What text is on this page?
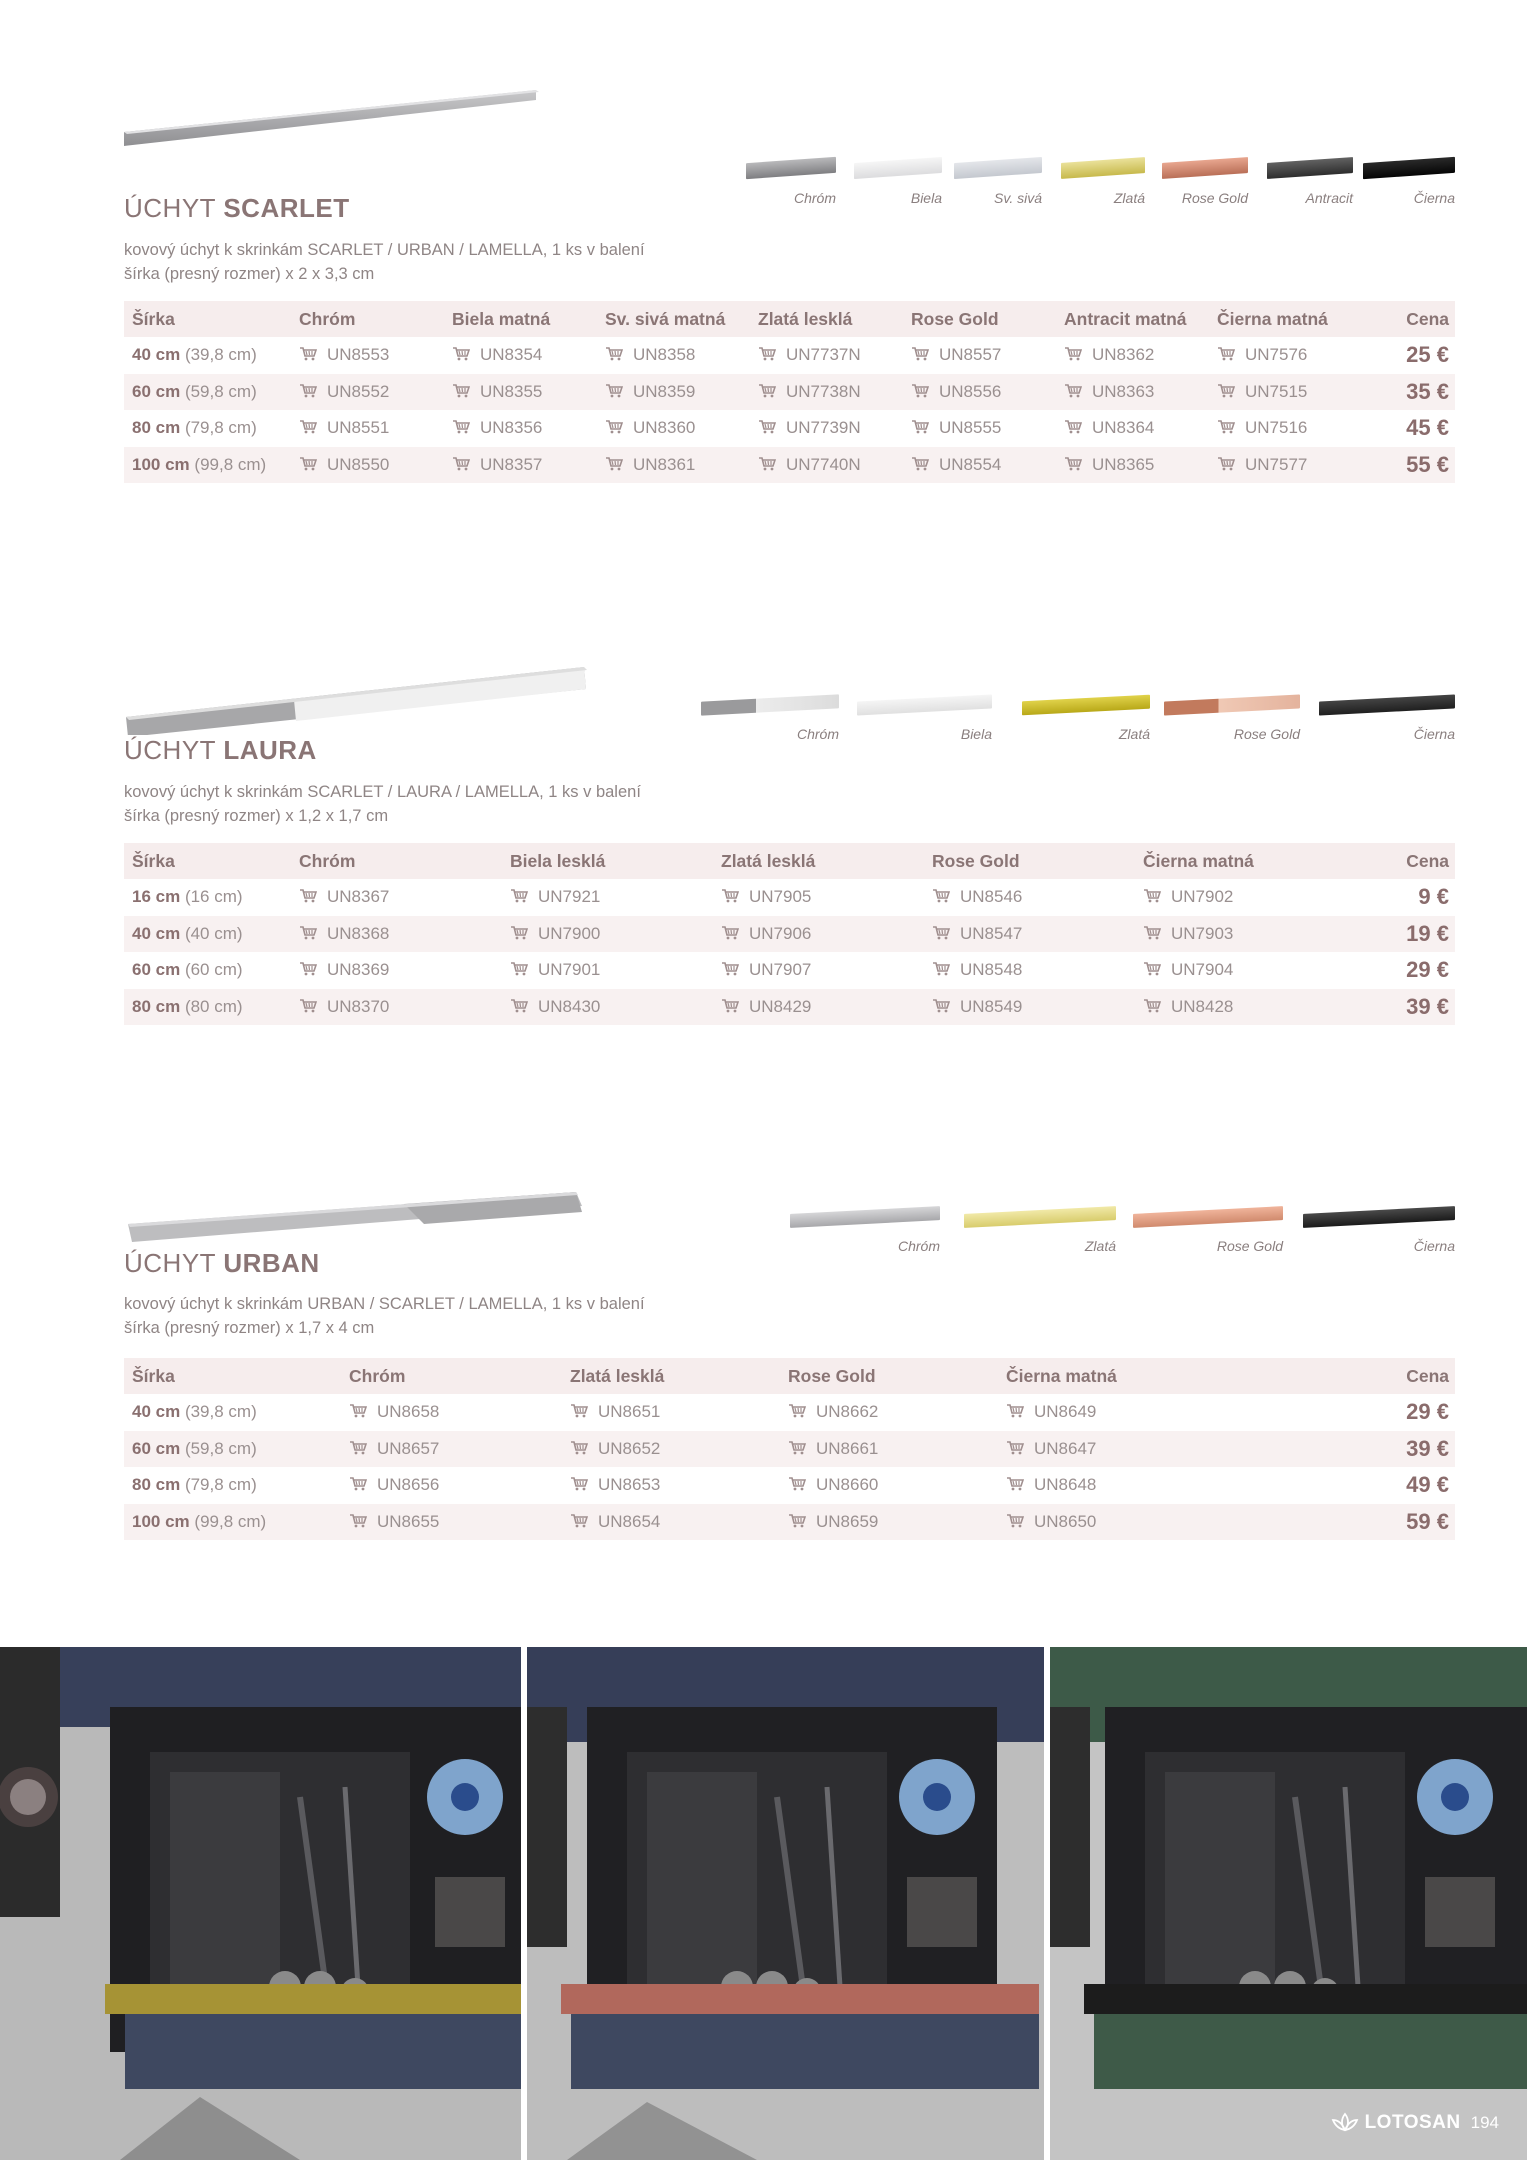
ÚCHYT SCARLET
kovový úchyt k skrinkám SCARLET / URBAN / LAMELLA, 1 ks v balení
šírka (presný rozmer) x 2 x 3,3 cm
Chróm	Biela	Sv. sivá	Zlatá	Rose Gold	Antracit	Čierna
Šírka	Chróm	Biela matná	Sv. sivá matná	Zlatá lesklá	Rose Gold	Antracit matná	Čierna matná	Cena
40 cm (39,8 cm)	UN8553	UN8354	UN8358	UN7737N	UN8557	UN8362	UN7576	25 €
60 cm (59,8 cm)	UN8552	UN8355	UN8359	UN7738N	UN8556	UN8363	UN7515	35 €
80 cm (79,8 cm)	UN8551	UN8356	UN8360	UN7739N	UN8555	UN8364	UN7516	45 €
100 cm (99,8 cm)	UN8550	UN8357	UN8361	UN7740N	UN8554	UN8365	UN7577	55 €
ÚCHYT LAURA
kovový úchyt k skrinkám SCARLET / LAURA / LAMELLA, 1 ks v balení
šírka (presný rozmer) x 1,2 x 1,7 cm
Chróm	Biela	Zlatá	Rose Gold	Čierna
Šírka	Chróm	Biela lesklá	Zlatá lesklá	Rose Gold	Čierna matná	Cena
16 cm (16 cm)	UN8367	UN7921	UN7905	UN8546	UN7902	9 €
40 cm (40 cm)	UN8368	UN7900	UN7906	UN8547	UN7903	19 €
60 cm (60 cm)	UN8369	UN7901	UN7907	UN8548	UN7904	29 €
80 cm (80 cm)	UN8370	UN8430	UN8429	UN8549	UN8428	39 €
ÚCHYT URBAN
kovový úchyt k skrinkám URBAN / SCARLET / LAMELLA, 1 ks v balení
šírka (presný rozmer) x 1,7 x 4 cm
Chróm	Zlatá	Rose Gold	Čierna
Šírka	Chróm	Zlatá lesklá	Rose Gold	Čierna matná	Cena
40 cm (39,8 cm)	UN8658	UN8651	UN8662	UN8649	29 €
60 cm (59,8 cm)	UN8657	UN8652	UN8661	UN8647	39 €
80 cm (79,8 cm)	UN8656	UN8653	UN8660	UN8648	49 €
100 cm (99,8 cm)	UN8655	UN8654	UN8659	UN8650	59 €
LOTOSAN 194
